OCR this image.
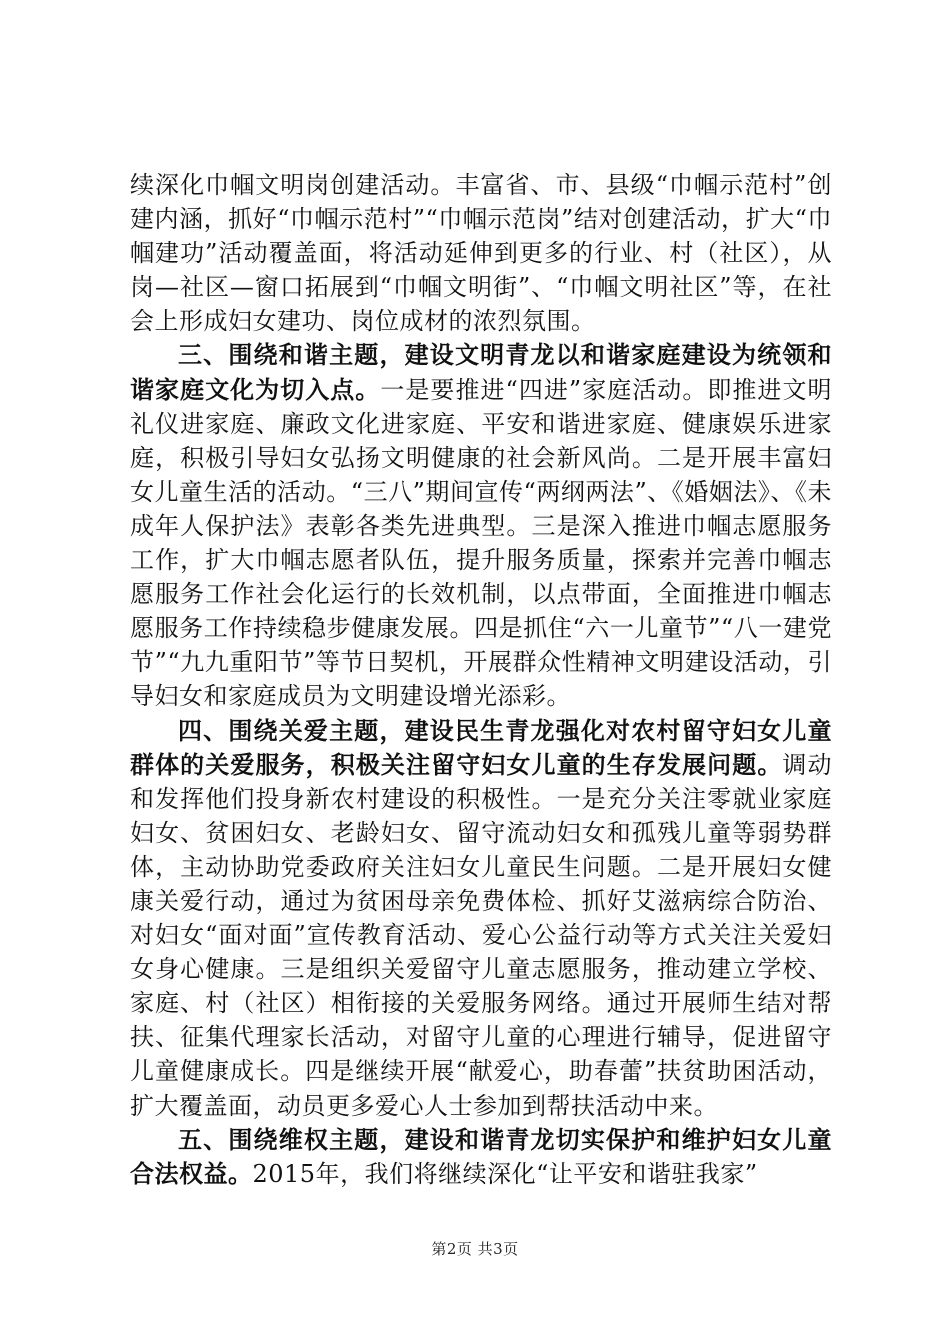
续深化巾帼文明岗创建活动。丰富省、市、县级“巾帼示范村”创建内涵，抓好“巾帼示范村”“巾帼示范岗”结对创建活动，扩大“巾帼建功”活动覆盖面，将活动延伸到更多的行业、村（社区），从岗—社区—窗口拓展到“巾帼文明街”、“巾帼文明社区”等，在社会上形成妇女建功、岗位成材的浓烈氛围。

三、围绕和谐主题，建设文明青龙以和谐家庭建设为统领和谐家庭文化为切入点。一是要推进“四进”家庭活动。即推进文明礼仪进家庭、廉政文化进家庭、平安和谐进家庭、健康娱乐进家庭，积极引导妇女弘扬文明健康的社会新风尚。二是开展丰富妇女儿童生活的活动。“三八”期间宣传“两纲两法”、《婚姻法》、《未成年人保护法》表彰各类先进典型。三是深入推进巾帼志愿服务工作，扩大巾帼志愿者队伍，提升服务质量，探索并完善巾帼志愿服务工作社会化运行的长效机制，以点带面，全面推进巾帼志愿服务工作持续稳步健康发展。四是抓住“六一儿童节”“八一建党节”“九九重阳节”等节日契机，开展群众性精神文明建设活动，引导妇女和家庭成员为文明建设增光添彩。

四、围绕关爱主题，建设民生青龙强化对农村留守妇女儿童群体的关爱服务，积极关注留守妇女儿童的生存发展问题。调动和发挥他们投身新农村建设的积极性。一是充分关注零就业家庭妇女、贫困妇女、老龄妇女、留守流动妇女和孤残儿童等弱势群体，主动协助党委政府关注妇女儿童民生问题。二是开展妇女健康关爱行动，通过为贫困母亲免费体检、抓好艾滋病综合防治、对妇女“面对面”宣传教育活动、爱心公益行动等方式关注关爱妇女身心健康。三是组织关爱留守儿童志愿服务，推动建立学校、家庭、村（社区）相衔接的关爱服务网络。通过开展师生结对帮扶、征集代理家长活动，对留守儿童的心理进行辅导，促进留守儿童健康成长。四是继续开展“献爱心，助春蕾”扶贫助困活动，扩大覆盖面，动员更多爱心人士参加到帮扶活动中来。

五、围绕维权主题，建设和谐青龙切实保护和维护妇女儿童合法权益。2015年，我们将继续深化“让平安和谐驻我家”

第2页 共3页
